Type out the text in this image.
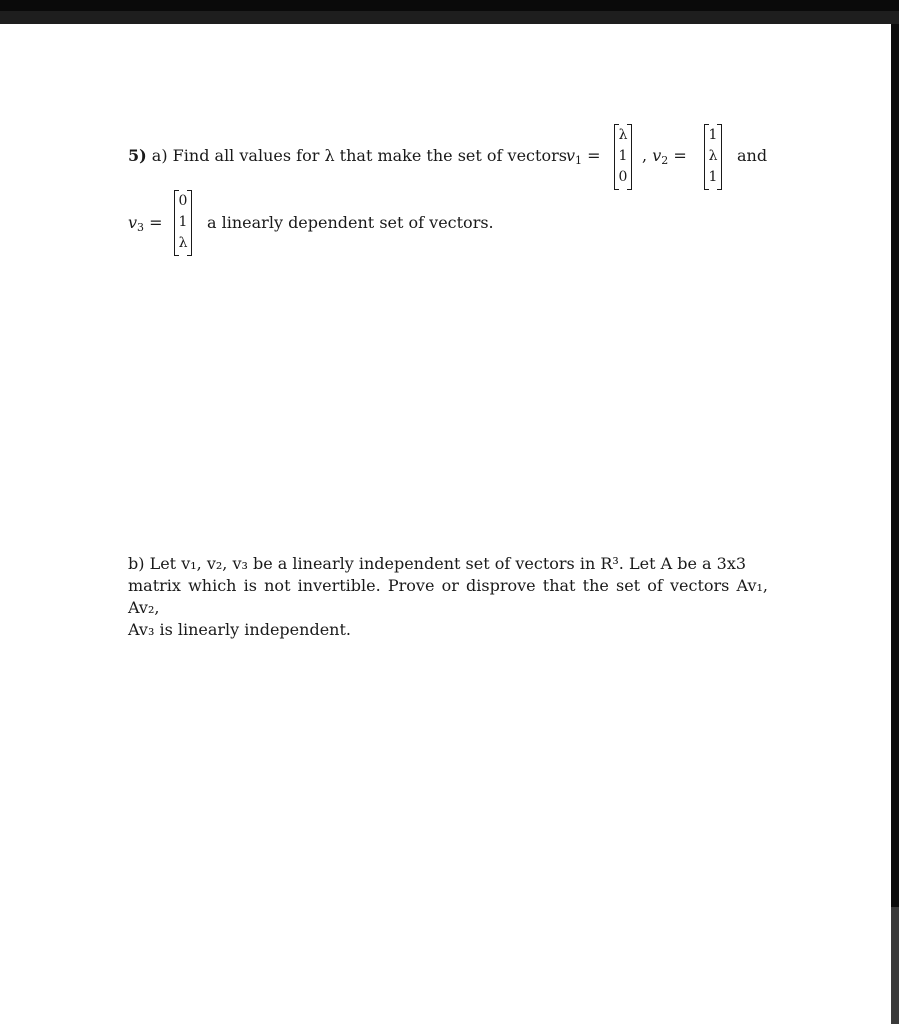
5) a) Find all values for λ that make the set of vectors $v_1$ =
λ
1
0
, $v_2$ =
1
λ
1
and
$v_3$ =
0
1
λ
a linearly dependent set of vectors.
b) Let v₁, v₂, v₃ be a linearly independent set of vectors in R³. Let A be a 3x3
matrix which is not invertible. Prove or disprove that the set of vectors Av₁, Av₂,
Av₃ is linearly independent.
